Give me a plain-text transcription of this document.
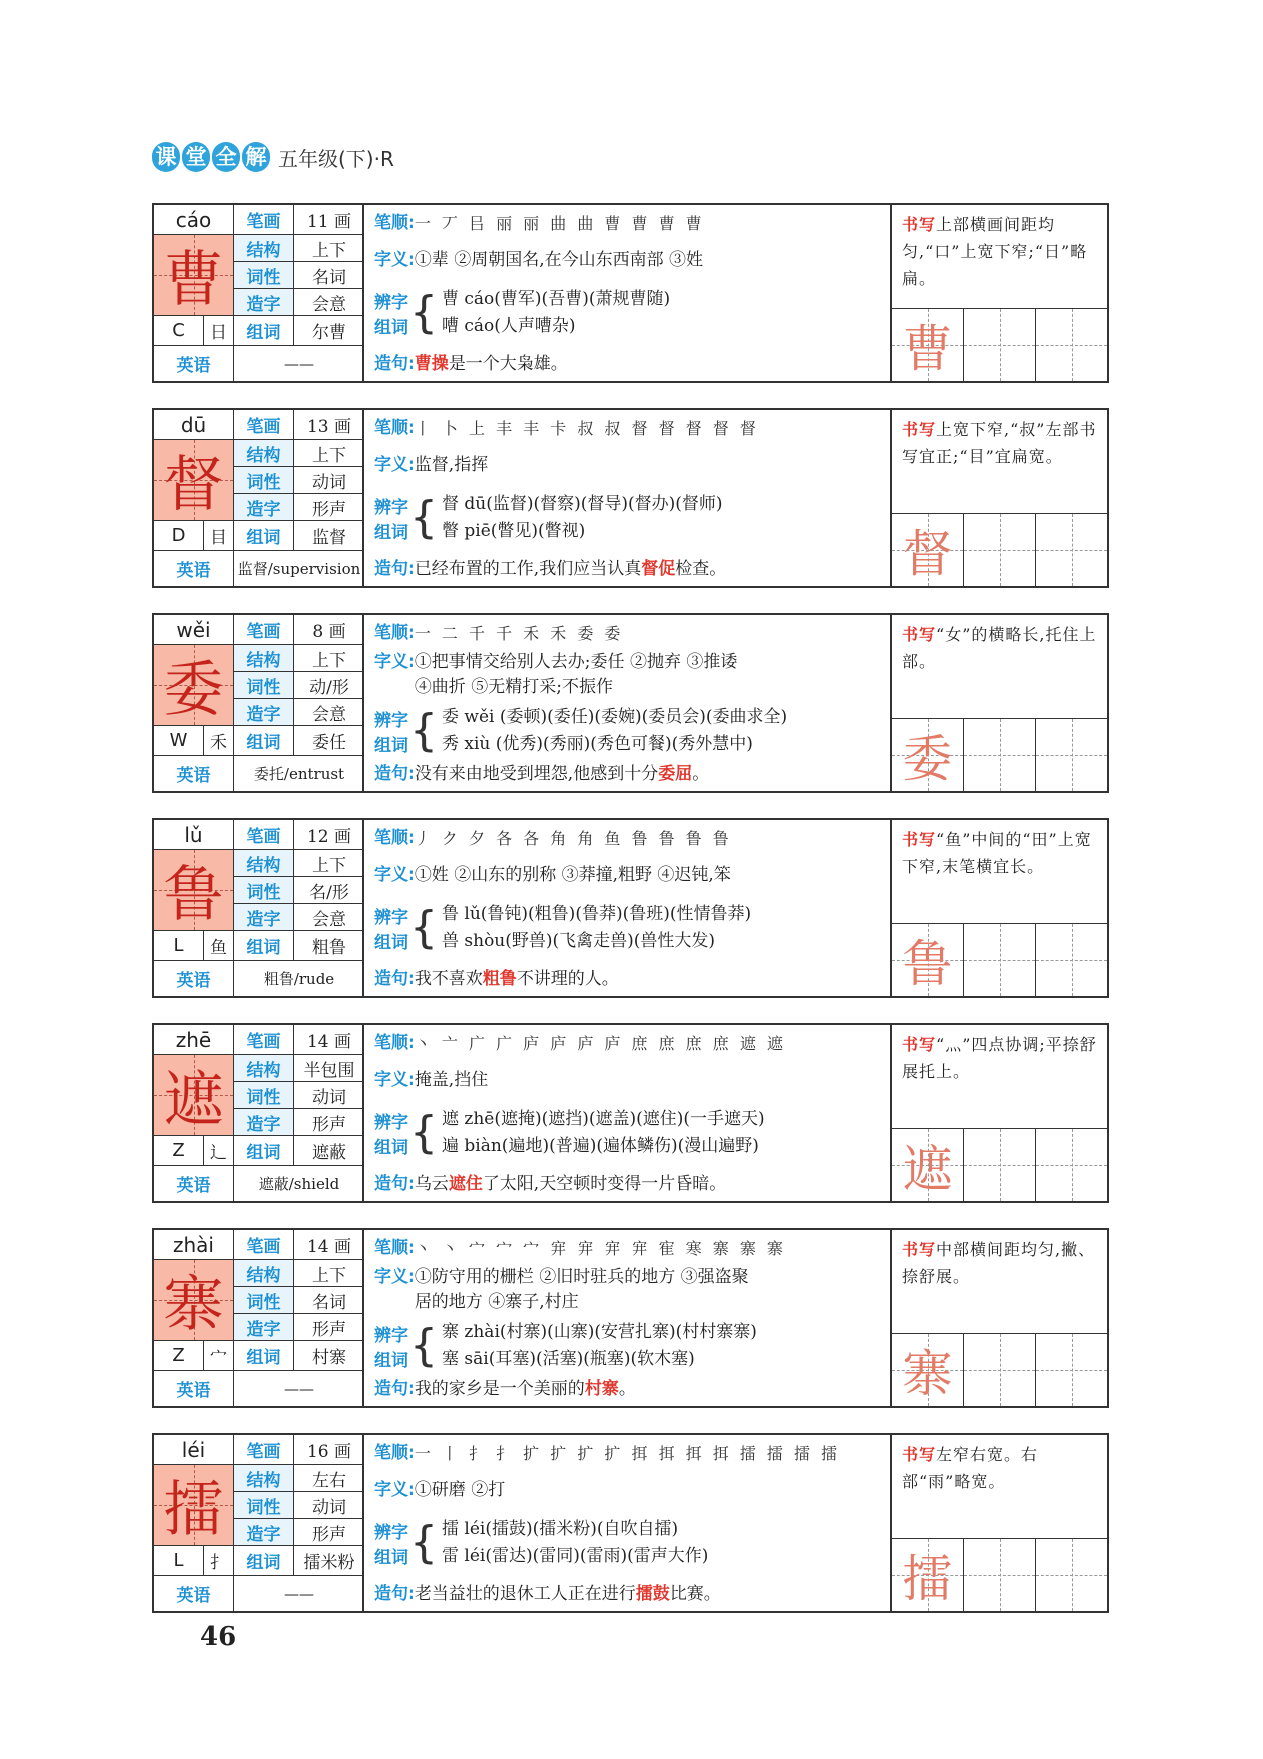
课 堂 全 解 五年级(下)·R
cáo	笔画	11 画
曹	结构	上下
词性	名词
造字	会意
C	日	组词	尔曹
英语	——
笔顺: 一 丆 㠯 丽 丽 曲 曲 曹 曹 曹 曹
字义: ①辈 ②周朝国名,在今山东西南部 ③姓
辨字
组词 { 曹 cáo(曹军)(吾曹)(萧规曹随)
嘈 cáo(人声嘈杂)
造句: 曹操是一个大枭雄。
书写上部横画间距均匀,“口”上宽下窄;“日”略扁。
曹
dū	笔画	13 画
督	结构	上下
词性	动词
造字	形声
D	目	组词	监督
英语	监督/supervision
笔顺: 丨 卜 上 丰 丰 卡 叔 叔 督 督 督 督 督
字义: 监督,指挥
辨字
组词 { 督 dū(监督)(督察)(督导)(督办)(督师)
瞥 piē(瞥见)(瞥视)
造句: 已经布置的工作,我们应当认真督促检查。
书写上宽下窄,“叔”左部书写宜正;“目”宜扁宽。
督
wěi	笔画	8 画
委	结构	上下
词性	动/形
造字	会意
W	禾	组词	委任
英语	委托/entrust
笔顺: 一 二 千 千 禾 禾 委 委
字义: ①把事情交给别人去办;委任 ②抛弃 ③推诿
④曲折 ⑤无精打采;不振作
辨字
组词 { 委 wěi (委顿)(委任)(委婉)(委员会)(委曲求全)
秀 xiù (优秀)(秀丽)(秀色可餐)(秀外慧中)
造句: 没有来由地受到埋怨,他感到十分委屈。
书写“女”的横略长,托住上部。
委
lǔ	笔画	12 画
鲁	结构	上下
词性	名/形
造字	会意
L	鱼	组词	粗鲁
英语	粗鲁/rude
笔顺: 丿 ク 夕 各 各 角 角 鱼 鲁 鲁 鲁 鲁
字义: ①姓 ②山东的别称 ③莽撞,粗野 ④迟钝,笨
辨字
组词 { 鲁 lǔ(鲁钝)(粗鲁)(鲁莽)(鲁班)(性情鲁莽)
兽 shòu(野兽)(飞禽走兽)(兽性大发)
造句: 我不喜欢粗鲁不讲理的人。
书写“鱼”中间的“田”上宽下窄,末笔横宜长。
鲁
zhē	笔画	14 画
遮	结构	半包围
词性	动词
造字	形声
Z	辶	组词	遮蔽
英语	遮蔽/shield
笔顺: 丶 亠 广 广 庐 庐 庐 庐 庶 庶 庶 庶 遮 遮
字义: 掩盖,挡住
辨字
组词 { 遮 zhē(遮掩)(遮挡)(遮盖)(遮住)(一手遮天)
遍 biàn(遍地)(普遍)(遍体鳞伤)(漫山遍野)
造句: 乌云遮住了太阳,天空顿时变得一片昏暗。
书写“灬”四点协调;平捺舒展托上。
遮
zhài	笔画	14 画
寨	结构	上下
词性	名词
造字	形声
Z	宀	组词	村寨
英语	——
笔顺: 丶 丶 宀 宀 宀 宑 宑 宑 宑 寉 寒 寨 寨 寨
字义: ①防守用的栅栏 ②旧时驻兵的地方 ③强盗聚
居的地方 ④寨子,村庄
辨字
组词 { 寨 zhài(村寨)(山寨)(安营扎寨)(村村寨寨)
塞 sāi(耳塞)(活塞)(瓶塞)(软木塞)
造句: 我的家乡是一个美丽的村寨。
书写中部横间距均匀,撇、捺舒展。
寨
léi	笔画	16 画
擂	结构	左右
词性	动词
造字	形声
L	扌	组词	擂米粉
英语	——
笔顺: 一 丨 扌 扌 扩 扩 扩 扩 挕 挕 挕 挕 擂 擂 擂 擂
字义: ①研磨 ②打
辨字
组词 { 擂 léi(擂鼓)(擂米粉)(自吹自擂)
雷 léi(雷达)(雷同)(雷雨)(雷声大作)
造句: 老当益壮的退休工人正在进行擂鼓比赛。
书写左窄右宽。右部“雨”略宽。
擂
46
